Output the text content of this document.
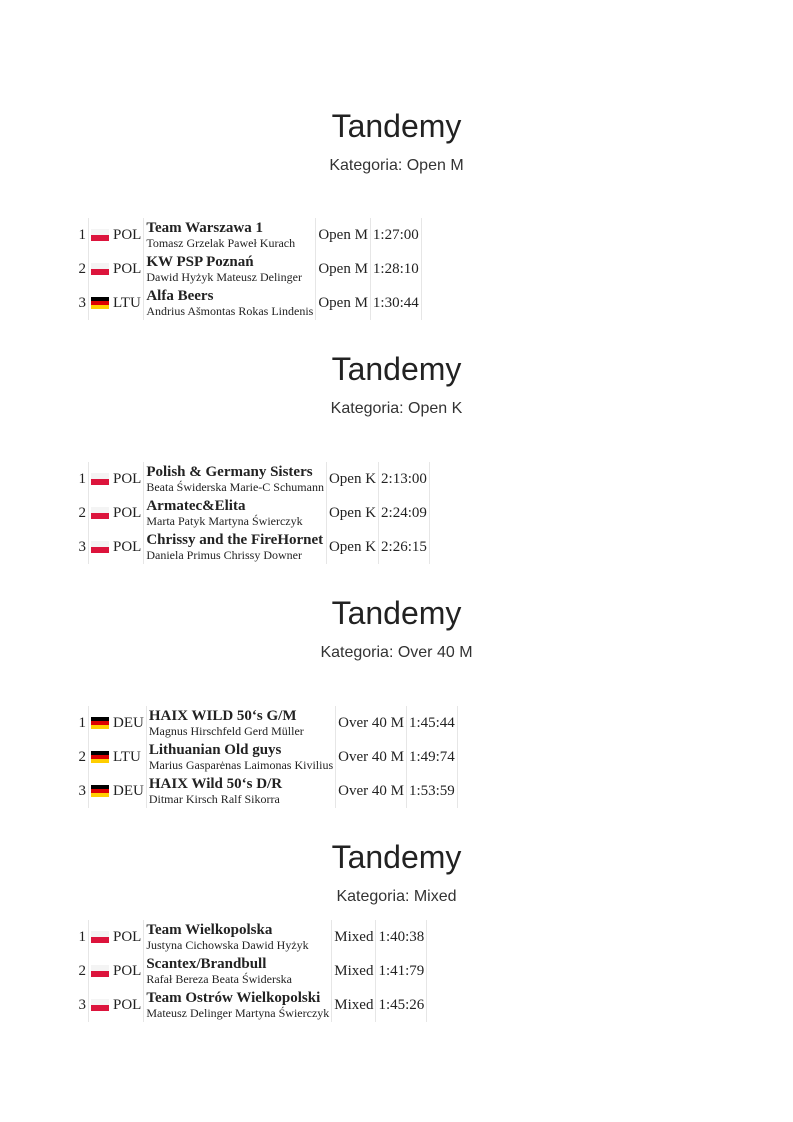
Tandemy
Kategoria: Open M
1	POL	Team Warszawa 1
Tomasz Grzelak Paweł Kurach	Open M	1:27:00
2	POL	KW PSP Poznań
Dawid Hyżyk Mateusz Delinger	Open M	1:28:10
3	LTU	Alfa Beers
Andrius Ašmontas Rokas Lindenis	Open M	1:30:44
Tandemy
Kategoria: Open K
1	POL	Polish & Germany Sisters
Beata Świderska Marie-C Schumann	Open K	2:13:00
2	POL	Armatec&Elita
Marta Patyk Martyna Świerczyk	Open K	2:24:09
3	POL	Chrissy and the FireHornet
Daniela Primus Chrissy Downer	Open K	2:26:15
Tandemy
Kategoria: Over 40 M
1	DEU	HAIX WILD 50‘s G/M
Magnus Hirschfeld Gerd Müller	Over 40 M	1:45:44
2	LTU	Lithuanian Old guys
Marius Gasparėnas Laimonas Kivilius	Over 40 M	1:49:74
3	DEU	HAIX Wild 50‘s D/R
Ditmar Kirsch Ralf Sikorra	Over 40 M	1:53:59
Tandemy
Kategoria: Mixed
1	POL	Team Wielkopolska
Justyna Cichowska Dawid Hyżyk	Mixed	1:40:38
2	POL	Scantex/Brandbull
Rafał Bereza Beata Świderska	Mixed	1:41:79
3	POL	Team Ostrów Wielkopolski
Mateusz Delinger Martyna Świerczyk	Mixed	1:45:26
